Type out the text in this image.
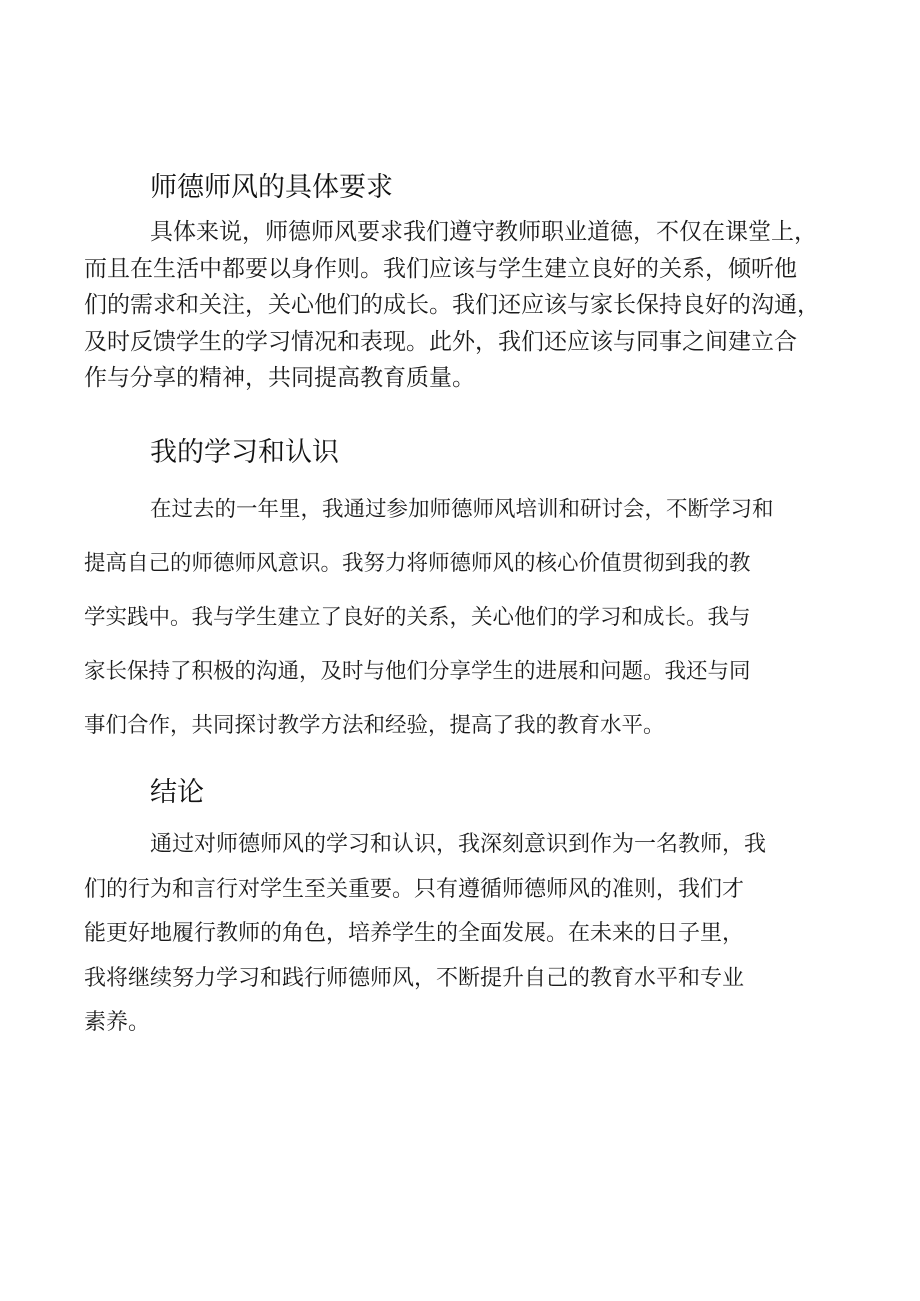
师德师风的具体要求

具体来说，师德师风要求我们遵守教师职业道德，不仅在课堂上，

而且在生活中都要以身作则。我们应该与学生建立良好的关系，倾听他

们的需求和关注，关心他们的成长。我们还应该与家长保持良好的沟通，

及时反馈学生的学习情况和表现。此外，我们还应该与同事之间建立合

作与分享的精神，共同提高教育质量。

我的学习和认识

在过去的一年里，我通过参加师德师风培训和研讨会，不断学习和

提高自己的师德师风意识。我努力将师德师风的核心价值贯彻到我的教

学实践中。我与学生建立了良好的关系，关心他们的学习和成长。我与

家长保持了积极的沟通，及时与他们分享学生的进展和问题。我还与同

事们合作，共同探讨教学方法和经验，提高了我的教育水平。

结论

通过对师德师风的学习和认识，我深刻意识到作为一名教师，我

们的行为和言行对学生至关重要。只有遵循师德师风的准则，我们才

能更好地履行教师的角色，培养学生的全面发展。在未来的日子里，

我将继续努力学习和践行师德师风，不断提升自己的教育水平和专业

素养。
